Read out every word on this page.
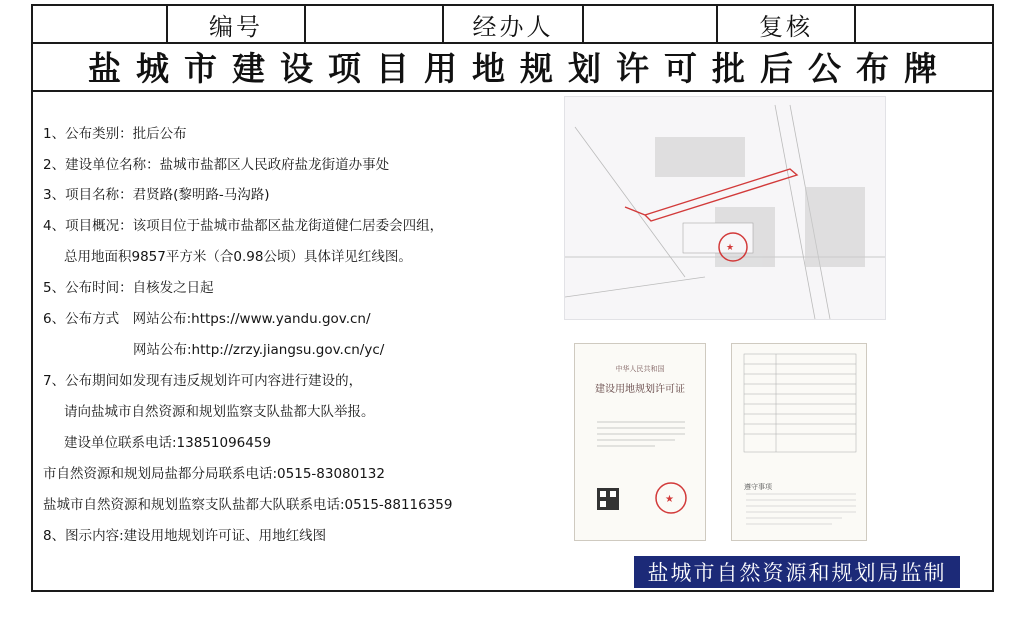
编号	经办人	复核
盐城市建设项目用地规划许可批后公布牌
1、公布类别：批后公布
2、建设单位名称：盐城市盐都区人民政府盐龙街道办事处
3、项目名称：君贤路(黎明路-马沟路)
4、项目概况：该项目位于盐城市盐都区盐龙街道健仁居委会四组，
总用地面积9857平方米（合0.98公顷）具体详见红线图。
5、公布时间：自核发之日起
6、公布方式　网站公布:https://www.yandu.gov.cn/
网站公布:http://zrzy.jiangsu.gov.cn/yc/
7、公布期间如发现有违反规划许可内容进行建设的，
请向盐城市自然资源和规划监察支队盐都大队举报。
建设单位联系电话:13851096459
市自然资源和规划局盐都分局联系电话:0515-83080132
盐城市自然资源和规划监察支队盐都大队联系电话:0515-88116359
8、图示内容:建设用地规划许可证、用地红线图
★
中华人民共和国
建设用地规划许可证
★
遵守事项
盐城市自然资源和规划局监制
